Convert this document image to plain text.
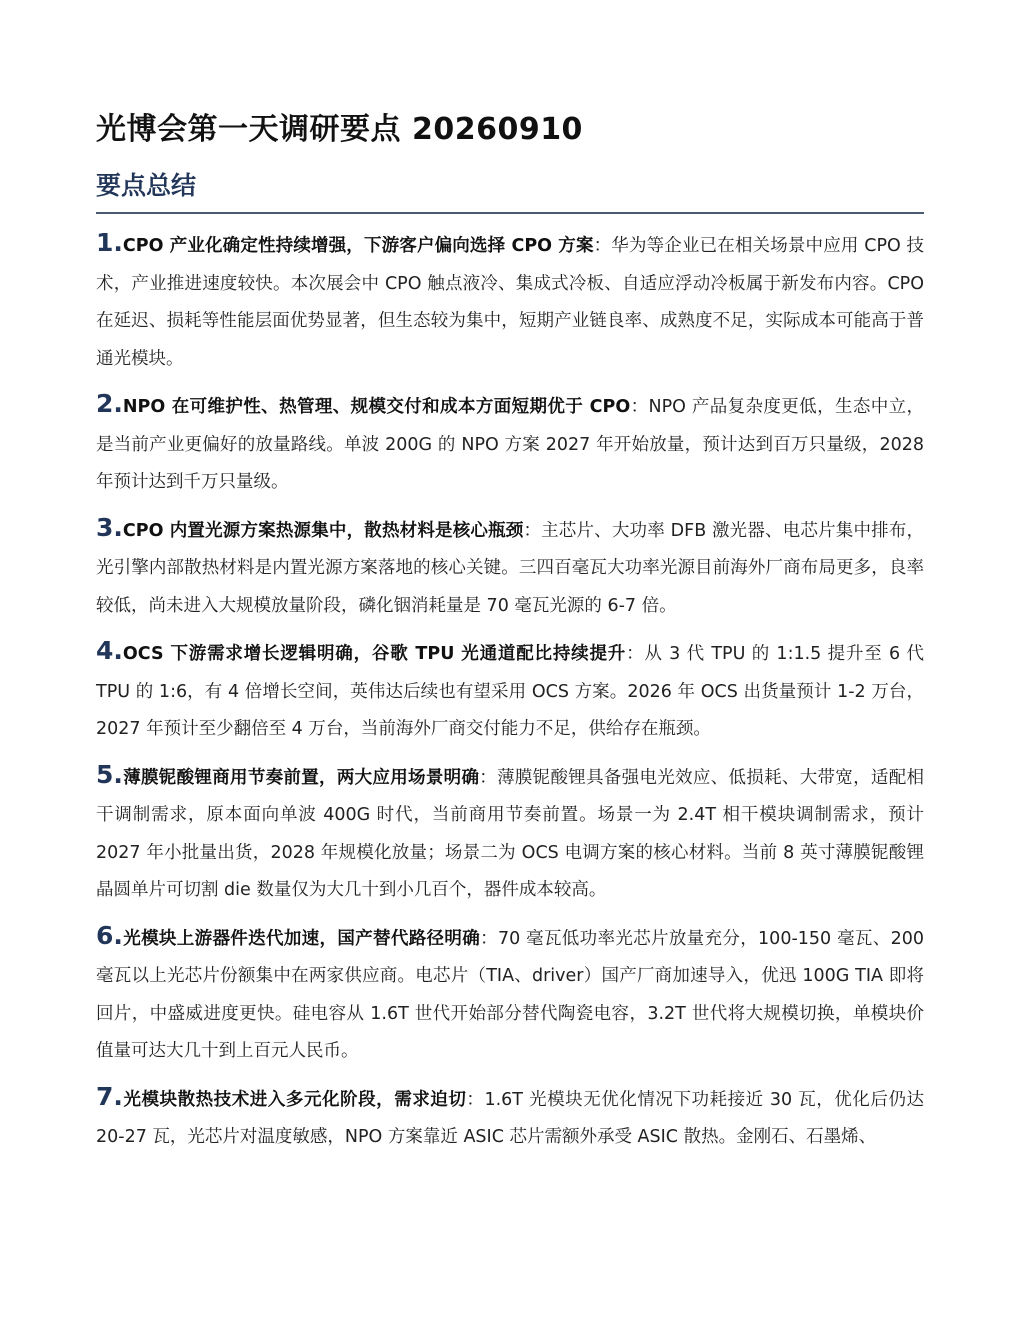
光博会第一天调研要点 20260910
要点总结

1.CPO 产业化确定性持续增强，下游客户偏向选择 CPO 方案：华为等企业已在相关场景中应用 CPO 技术，产业推进速度较快。本次展会中 CPO 触点液冷、集成式冷板、自适应浮动冷板属于新发布内容。CPO 在延迟、损耗等性能层面优势显著，但生态较为集中，短期产业链良率、成熟度不足，实际成本可能高于普通光模块。

2.NPO 在可维护性、热管理、规模交付和成本方面短期优于 CPO：NPO 产品复杂度更低，生态中立，是当前产业更偏好的放量路线。单波 200G 的 NPO 方案 2027 年开始放量，预计达到百万只量级，2028 年预计达到千万只量级。

3.CPO 内置光源方案热源集中，散热材料是核心瓶颈：主芯片、大功率 DFB 激光器、电芯片集中排布，光引擎内部散热材料是内置光源方案落地的核心关键。三四百毫瓦大功率光源目前海外厂商布局更多，良率较低，尚未进入大规模放量阶段，磷化铟消耗量是 70 毫瓦光源的 6-7 倍。

4.OCS 下游需求增长逻辑明确，谷歌 TPU 光通道配比持续提升：从 3 代 TPU 的 1:1.5 提升至 6 代 TPU 的 1:6，有 4 倍增长空间，英伟达后续也有望采用 OCS 方案。2026 年 OCS 出货量预计 1-2 万台，2027 年预计至少翻倍至 4 万台，当前海外厂商交付能力不足，供给存在瓶颈。

5.薄膜铌酸锂商用节奏前置，两大应用场景明确：薄膜铌酸锂具备强电光效应、低损耗、大带宽，适配相干调制需求，原本面向单波 400G 时代，当前商用节奏前置。场景一为 2.4T 相干模块调制需求，预计 2027 年小批量出货，2028 年规模化放量；场景二为 OCS 电调方案的核心材料。当前 8 英寸薄膜铌酸锂晶圆单片可切割 die 数量仅为大几十到小几百个，器件成本较高。

6.光模块上游器件迭代加速，国产替代路径明确：70 毫瓦低功率光芯片放量充分，100-150 毫瓦、200 毫瓦以上光芯片份额集中在两家供应商。电芯片（TIA、driver）国产厂商加速导入，优迅 100G TIA 即将回片，中盛威进度更快。硅电容从 1.6T 世代开始部分替代陶瓷电容，3.2T 世代将大规模切换，单模块价值量可达大几十到上百元人民币。

7.光模块散热技术进入多元化阶段，需求迫切：1.6T 光模块无优化情况下功耗接近 30 瓦，优化后仍达 20-27 瓦，光芯片对温度敏感，NPO 方案靠近 ASIC 芯片需额外承受 ASIC 散热。金刚石、石墨烯、
